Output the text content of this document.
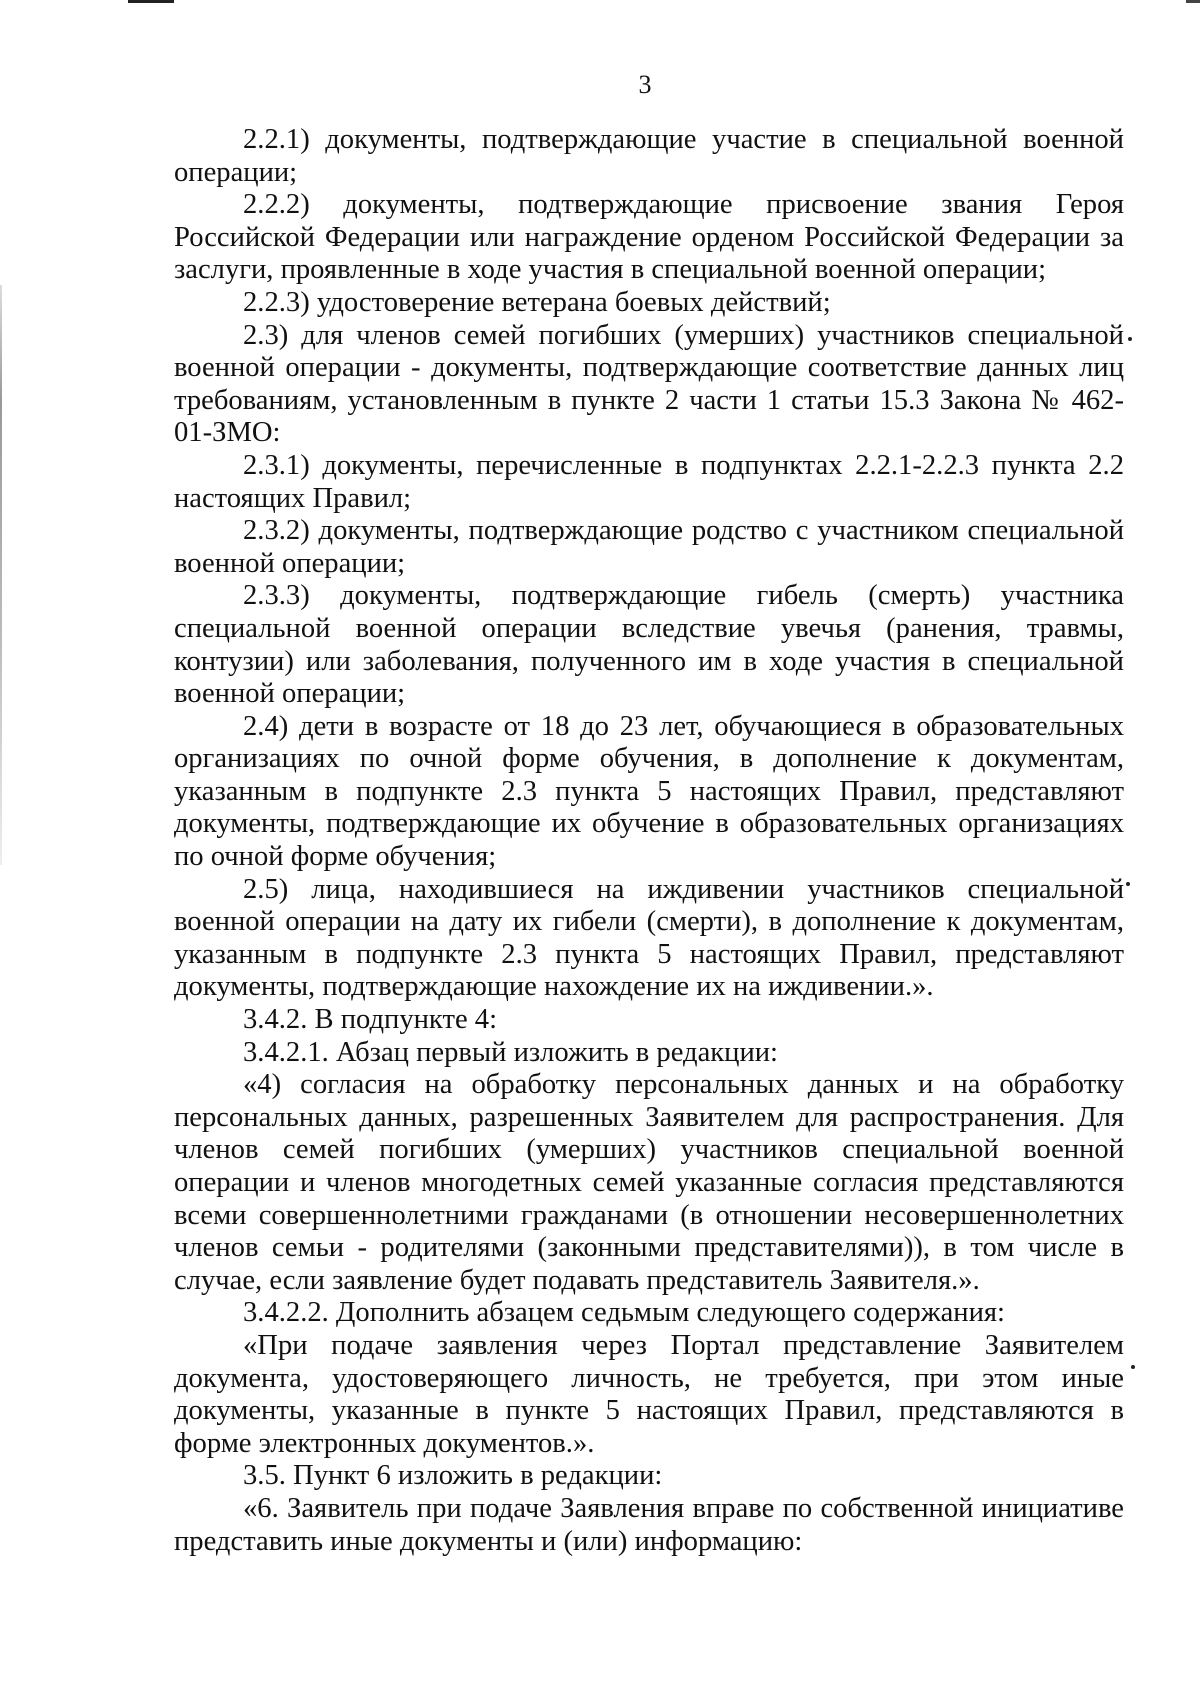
3

2.2.1) документы, подтверждающие участие в специальной военной операции;

2.2.2) документы, подтверждающие присвоение звания Героя Российской Федерации или награждение орденом Российской Федерации за заслуги, проявленные в ходе участия в специальной военной операции;

2.2.3) удостоверение ветерана боевых действий;

2.3) для членов семей погибших (умерших) участников специальной военной операции - документы, подтверждающие соответствие данных лиц требованиям, установленным в пункте 2 части 1 статьи 15.3 Закона № 462-01-ЗМО:

2.3.1) документы, перечисленные в подпунктах 2.2.1-2.2.3 пункта 2.2 настоящих Правил;

2.3.2) документы, подтверждающие родство с участником специальной военной операции;

2.3.3) документы, подтверждающие гибель (смерть) участника специальной военной операции вследствие увечья (ранения, травмы, контузии) или заболевания, полученного им в ходе участия в специальной военной операции;

2.4) дети в возрасте от 18 до 23 лет, обучающиеся в образовательных организациях по очной форме обучения, в дополнение к документам, указанным в подпункте 2.3 пункта 5 настоящих Правил, представляют документы, подтверждающие их обучение в образовательных организациях по очной форме обучения;

2.5) лица, находившиеся на иждивении участников специальной военной операции на дату их гибели (смерти), в дополнение к документам, указанным в подпункте 2.3 пункта 5 настоящих Правил, представляют документы, подтверждающие нахождение их на иждивении.».

3.4.2. В подпункте 4:

3.4.2.1. Абзац первый изложить в редакции:

«4) согласия на обработку персональных данных и на обработку персональных данных, разрешенных Заявителем для распространения. Для членов семей погибших (умерших) участников специальной военной операции и членов многодетных семей указанные согласия представляются всеми совершеннолетними гражданами (в отношении несовершеннолетних членов семьи - родителями (законными представителями)), в том числе в случае, если заявление будет подавать представитель Заявителя.».

3.4.2.2. Дополнить абзацем седьмым следующего содержания:

«При подаче заявления через Портал представление Заявителем документа, удостоверяющего личность, не требуется, при этом иные документы, указанные в пункте 5 настоящих Правил, представляются в форме электронных документов.».

3.5. Пункт 6 изложить в редакции:

«6. Заявитель при подаче Заявления вправе по собственной инициативе представить иные документы и (или) информацию:
